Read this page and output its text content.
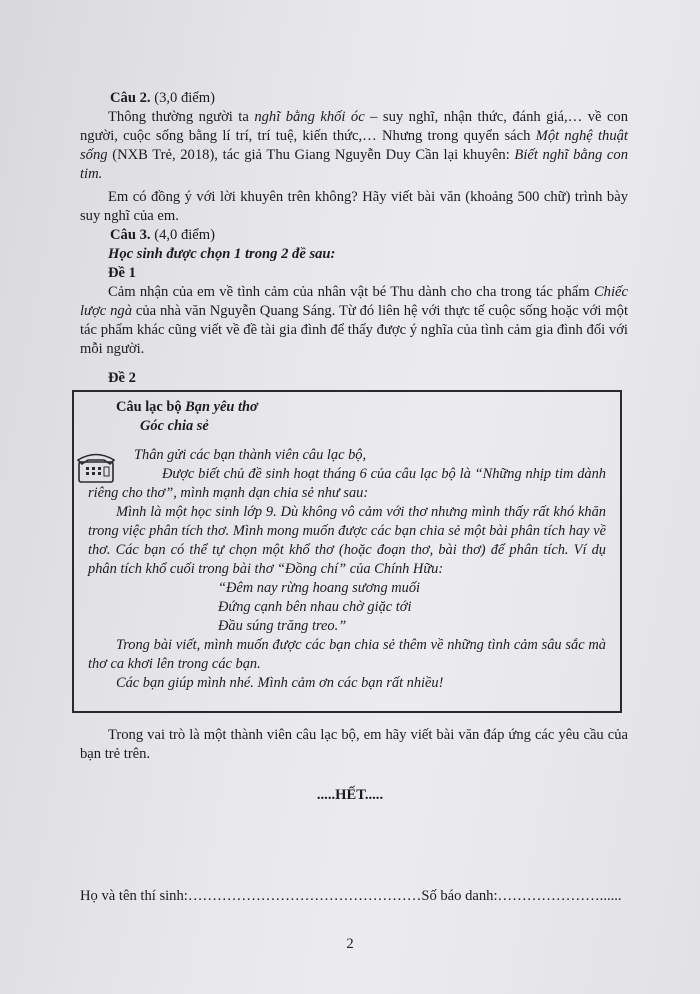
Câu 2. (3,0 điểm)

Thông thường người ta nghĩ bằng khối óc – suy nghĩ, nhận thức, đánh giá,… về con người, cuộc sống bằng lí trí, trí tuệ, kiến thức,… Nhưng trong quyển sách Một nghệ thuật sống (NXB Trẻ, 2018), tác giả Thu Giang Nguyễn Duy Cần lại khuyên: Biết nghĩ bằng con tim.

Em có đồng ý với lời khuyên trên không? Hãy viết bài văn (khoảng 500 chữ) trình bày suy nghĩ của em.

Câu 3. (4,0 điểm)

Học sinh được chọn 1 trong 2 đề sau:

Đề 1

Cảm nhận của em về tình cảm của nhân vật bé Thu dành cho cha trong tác phẩm Chiếc lược ngà của nhà văn Nguyễn Quang Sáng. Từ đó liên hệ với thực tế cuộc sống hoặc với một tác phẩm khác cũng viết về đề tài gia đình để thấy được ý nghĩa của tình cảm gia đình đối với mỗi người.

Đề 2

Câu lạc bộ Bạn yêu thơ

Góc chia sẻ

Thân gửi các bạn thành viên câu lạc bộ,

Được biết chủ đề sinh hoạt tháng 6 của câu lạc bộ là “Những nhịp tim dành riêng cho thơ”, mình mạnh dạn chia sẻ như sau:

Mình là một học sinh lớp 9. Dù không vô cảm với thơ nhưng mình thấy rất khó khăn trong việc phân tích thơ. Mình mong muốn được các bạn chia sẻ một bài phân tích hay về thơ. Các bạn có thể tự chọn một khổ thơ (hoặc đoạn thơ, bài thơ) để phân tích. Ví dụ phân tích khổ cuối trong bài thơ “Đồng chí” của Chính Hữu:

“Đêm nay rừng hoang sương muối

Đứng cạnh bên nhau chờ giặc tới

Đầu súng trăng treo.”

Trong bài viết, mình muốn được các bạn chia sẻ thêm về những tình cảm sâu sắc mà thơ ca khơi lên trong các bạn.

Các bạn giúp mình nhé. Mình cảm ơn các bạn rất nhiều!

Trong vai trò là một thành viên câu lạc bộ, em hãy viết bài văn đáp ứng các yêu cầu của bạn trẻ trên.

.....HẾT.....
Họ và tên thí sinh:…………………………………………Số báo danh:…………………......
2
